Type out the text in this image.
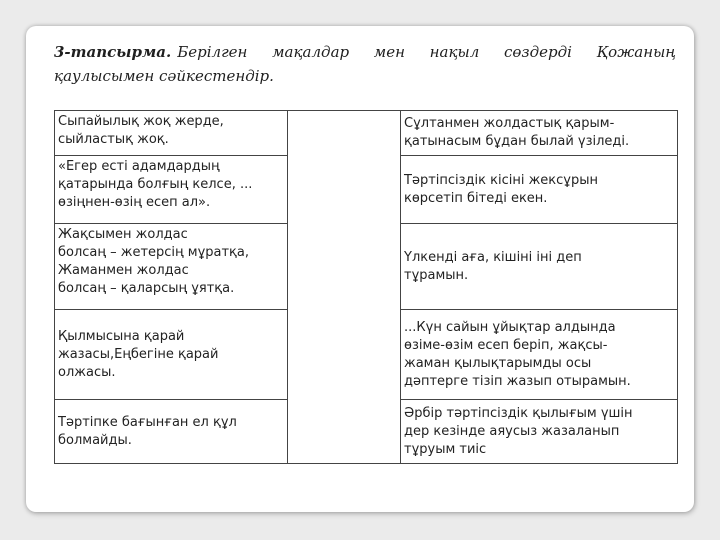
3-тапсырма. Берілген мақалдар мен нақыл сөздерді Қожаның қаулысымен сәйкестендір.
Сыпайылық жоқ жерде,
сыйластық жоқ.		Сұлтанмен жолдастық қарым-
қатынасым бұдан былай үзіледі.
«Егер есті адамдардың
қатарында болғың келсе, ...
өзіңнен-өзің есеп ал».		Тәртіпсіздік кісіні жексұрын
көрсетіп бітеді екен.
Жақсымен жолдас
болсаң – жетерсің мұратқа,
Жаманмен жолдас
болсаң – қаларсың ұятқа.		Үлкенді аға, кішіні іні деп
тұрамын.
Қылмысына қарай
жазасы,Еңбегіне қарай
олжасы.		...Күн сайын ұйықтар алдында
өзіме-өзім есеп беріп, жақсы-
жаман қылықтарымды осы
дәптерге тізіп жазып отырамын.
Тәртіпке бағынған ел құл
болмайды.		Әрбір тәртіпсіздік қылығым үшін
дер кезінде аяусыз жазаланып
тұруым тиіс
